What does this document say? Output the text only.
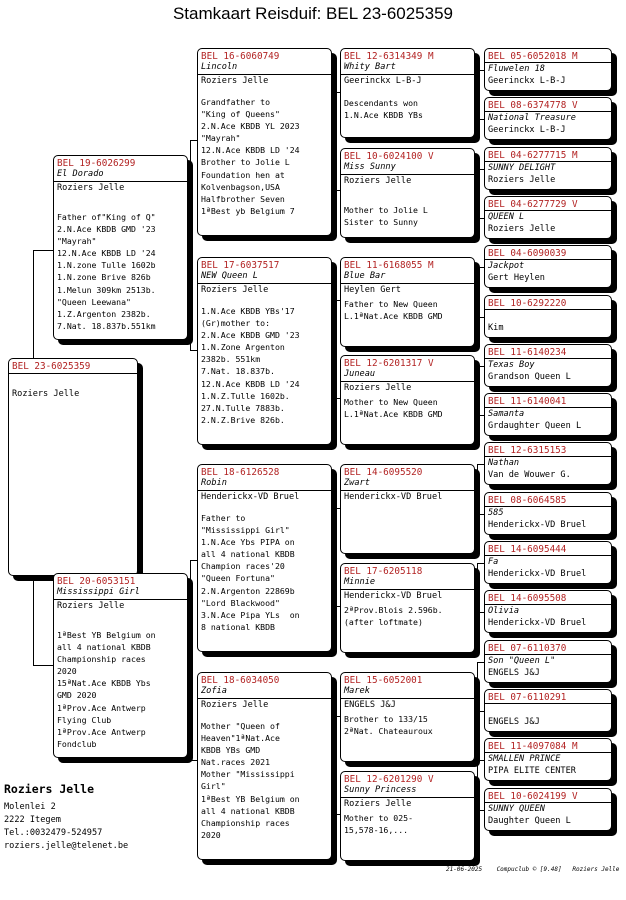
Stamkaart Reisduif: BEL 23-6025359
BEL 23-6025359
Roziers Jelle
BEL 19-6026299
El Dorado
Roziers Jelle
Father of"King of Q"
2.N.Ace KBDB GMD '23
"Mayrah"
12.N.Ace KBDB LD '24
1.N.zone Tulle 1602b
1.N.zone Brive 826b
1.Melun 309km 2513b.
"Queen Leewana"
1.Z.Argenton 2382b.
7.Nat. 18.837b.551km
BEL 20-6053151
Mississippi Girl
Roziers Jelle
1ªBest YB Belgium on
all 4 national KBDB
Championship races
2020
15ªNat.Ace KBDB Ybs
GMD 2020
1ªProv.Ace Antwerp
Flying Club
1ªProv.Ace Antwerp
Fondclub
BEL 16-6060749
Lincoln
Roziers Jelle
Grandfather to
"King of Queens"
2.N.Ace KBDB YL 2023
"Mayrah"
12.N.Ace KBDB LD '24
Brother to Jolie L
Foundation hen at
Kolvenbagson,USA
Halfbrother Seven
1ªBest yb Belgium 7
BEL 17-6037517
NEW Queen L
Roziers Jelle
1.N.Ace KBDB YBs'17
(Gr)mother to:
2.N.Ace KBDB GMD '23
1.N.Zone Argenton
2382b. 551km
7.Nat. 18.837b.
12.N.Ace KBDB LD '24
1.N.Z.Tulle 1602b.
27.N.Tulle 7883b.
2.N.Z.Brive 826b.
BEL 18-6126528
Robin
Henderickx-VD Bruel
Father to
"Mississippi Girl"
1.N.Ace Ybs PIPA on
all 4 national KBDB
Champion races'20
"Queen Fortuna"
2.N.Argenton 22869b
"Lord Blackwood"
3.N.Ace Pipa YLs  on
8 national KBDB
BEL 18-6034050
Zofia
Roziers Jelle
Mother "Queen of
Heaven"1ªNat.Ace
KBDB YBs GMD
Nat.races 2021
Mother "Mississippi
Girl"
1ªBest YB Belgium on
all 4 national KBDB
Championship races
2020
BEL 12-6314349 M
Whity Bart
Geerinckx L-B-J
Descendants won
1.N.Ace KBDB YBs
BEL 10-6024100 V
Miss Sunny
Roziers Jelle
Mother to Jolie L
Sister to Sunny
BEL 11-6168055 M
Blue Bar
Heylen Gert
Father to New Queen
L.1ªNat.Ace KBDB GMD
BEL 12-6201317 V
Juneau
Roziers Jelle
Mother to New Queen
L.1ªNat.Ace KBDB GMD
BEL 14-6095520
Zwart
Henderickx-VD Bruel
BEL 17-6205118
Minnie
Henderickx-VD Bruel
2ªProv.Blois 2.596b.
(after loftmate)
BEL 15-6052001
Marek
ENGELS J&J
Brother to 133/15
2ªNat. Chateauroux
BEL 12-6201290 V
Sunny Princess
Roziers Jelle
Mother to 025-
15,578-16,...
BEL 05-6052018 M
Fluwelen 18
Geerinckx L-B-J
BEL 08-6374778 V
National Treasure
Geerinckx L-B-J
BEL 04-6277715 M
SUNNY DELIGHT
Roziers Jelle
BEL 04-6277729 V
QUEEN L
Roziers Jelle
BEL 04-6090039
Jackpot
Gert Heylen
BEL 10-6292220
Kim
BEL 11-6140234
Texas Boy
Grandson Queen L
BEL 11-6140041
Samanta
Grdaughter Queen L
BEL 12-6315153
Nathan
Van de Wouwer G.
BEL 08-6064585
585
Henderickx-VD Bruel
BEL 14-6095444
Fa
Henderickx-VD Bruel
BEL 14-6095508
Olivia
Henderickx-VD Bruel
BEL 07-6110370
Son "Queen L"
ENGELS J&J
BEL 07-6110291
ENGELS J&J
BEL 11-4097084 M
SMALLEN PRINCE
PIPA ELITE CENTER
BEL 10-6024199 V
SUNNY QUEEN
Daughter Queen L
Roziers Jelle
Molenlei 2
2222 Itegem
Tel.:0032479-524957
roziers.jelle@telenet.be
21-06-2025    Compuclub © [9.48]   Roziers Jelle
